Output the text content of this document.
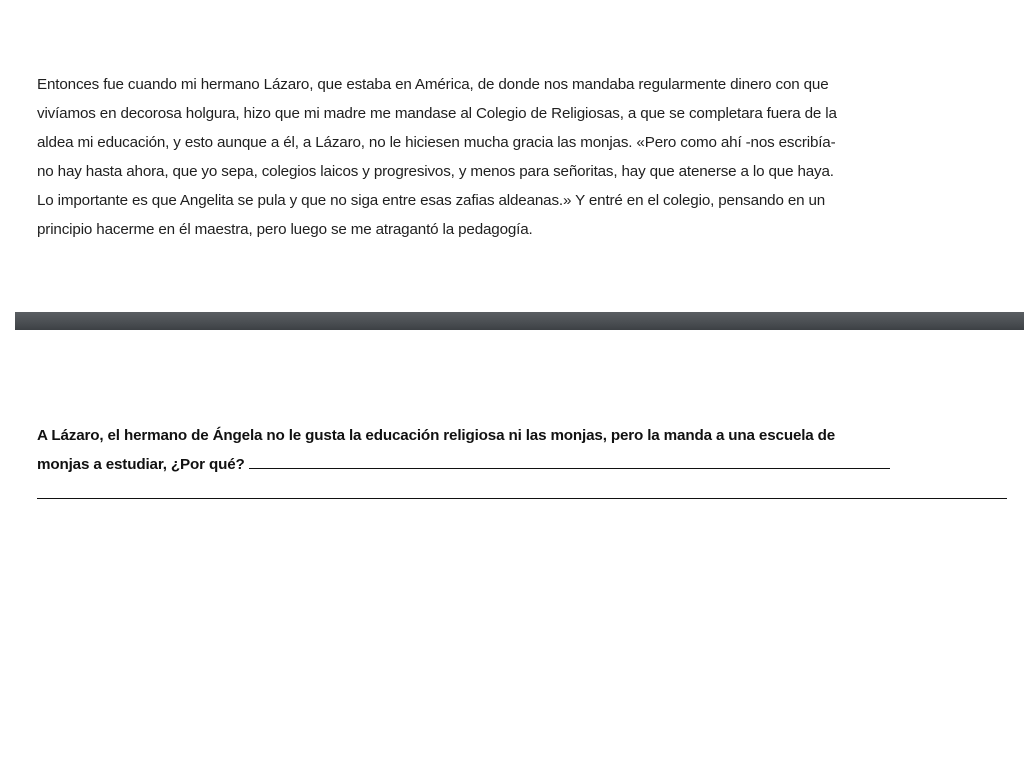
Entonces fue cuando mi hermano Lázaro, que estaba en América, de donde nos mandaba regularmente dinero con que
vivíamos en decorosa holgura, hizo que mi madre me mandase al Colegio de Religiosas, a que se completara fuera de la
aldea mi educación, y esto aunque a él, a Lázaro, no le hiciesen mucha gracia las monjas. «Pero como ahí -nos escribía-
no hay hasta ahora, que yo sepa, colegios laicos y progresivos, y menos para señoritas, hay que atenerse a lo que haya.
Lo importante es que Angelita se pula y que no siga entre esas zafias aldeanas.» Y entré en el colegio, pensando en un
principio hacerme en él maestra, pero luego se me atragantó la pedagogía.
A Lázaro, el hermano de Ángela no le gusta la educación religiosa ni las monjas, pero la manda a una escuela de
monjas a estudiar, ¿Por qué?
